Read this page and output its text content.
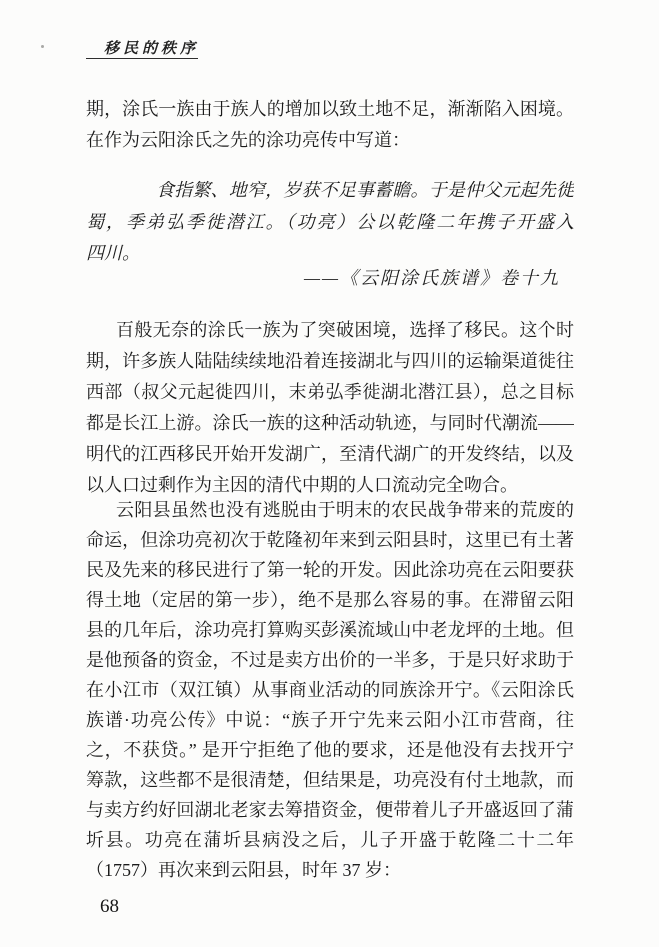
移民的秩序
期，涂氏一族由于族人的增加以致土地不足，渐渐陷入困境。
在作为云阳涂氏之先的涂功亮传中写道：
食指繁、地窄，岁获不足事蓄瞻。于是仲父元起先徙
蜀，季弟弘季徙潜江。（功亮）公以乾隆二年携子开盛入
四川。
——《云阳涂氏族谱》卷十九
百般无奈的涂氏一族为了突破困境，选择了移民。这个时
期，许多族人陆陆续续地沿着连接湖北与四川的运输渠道徙往
西部（叔父元起徙四川，末弟弘季徙湖北潜江县），总之目标
都是长江上游。涂氏一族的这种活动轨迹，与同时代潮流——
明代的江西移民开始开发湖广，至清代湖广的开发终结，以及
以人口过剩作为主因的清代中期的人口流动完全吻合。
云阳县虽然也没有逃脱由于明末的农民战争带来的荒废的
命运，但涂功亮初次于乾隆初年来到云阳县时，这里已有土著
民及先来的移民进行了第一轮的开发。因此涂功亮在云阳要获
得土地（定居的第一步），绝不是那么容易的事。在滞留云阳
县的几年后，涂功亮打算购买彭溪流域山中老龙坪的土地。但
是他预备的资金，不过是卖方出价的一半多，于是只好求助于
在小江市（双江镇）从事商业活动的同族涂开宁。《云阳涂氏
族谱·功亮公传》中说：“族子开宁先来云阳小江市营商，往
之，不获贷。” 是开宁拒绝了他的要求，还是他没有去找开宁
筹款，这些都不是很清楚，但结果是，功亮没有付土地款，而
与卖方约好回湖北老家去筹措资金，便带着儿子开盛返回了蒲
圻县。功亮在蒲圻县病没之后，儿子开盛于乾隆二十二年
（1757）再次来到云阳县，时年 37 岁：
68
